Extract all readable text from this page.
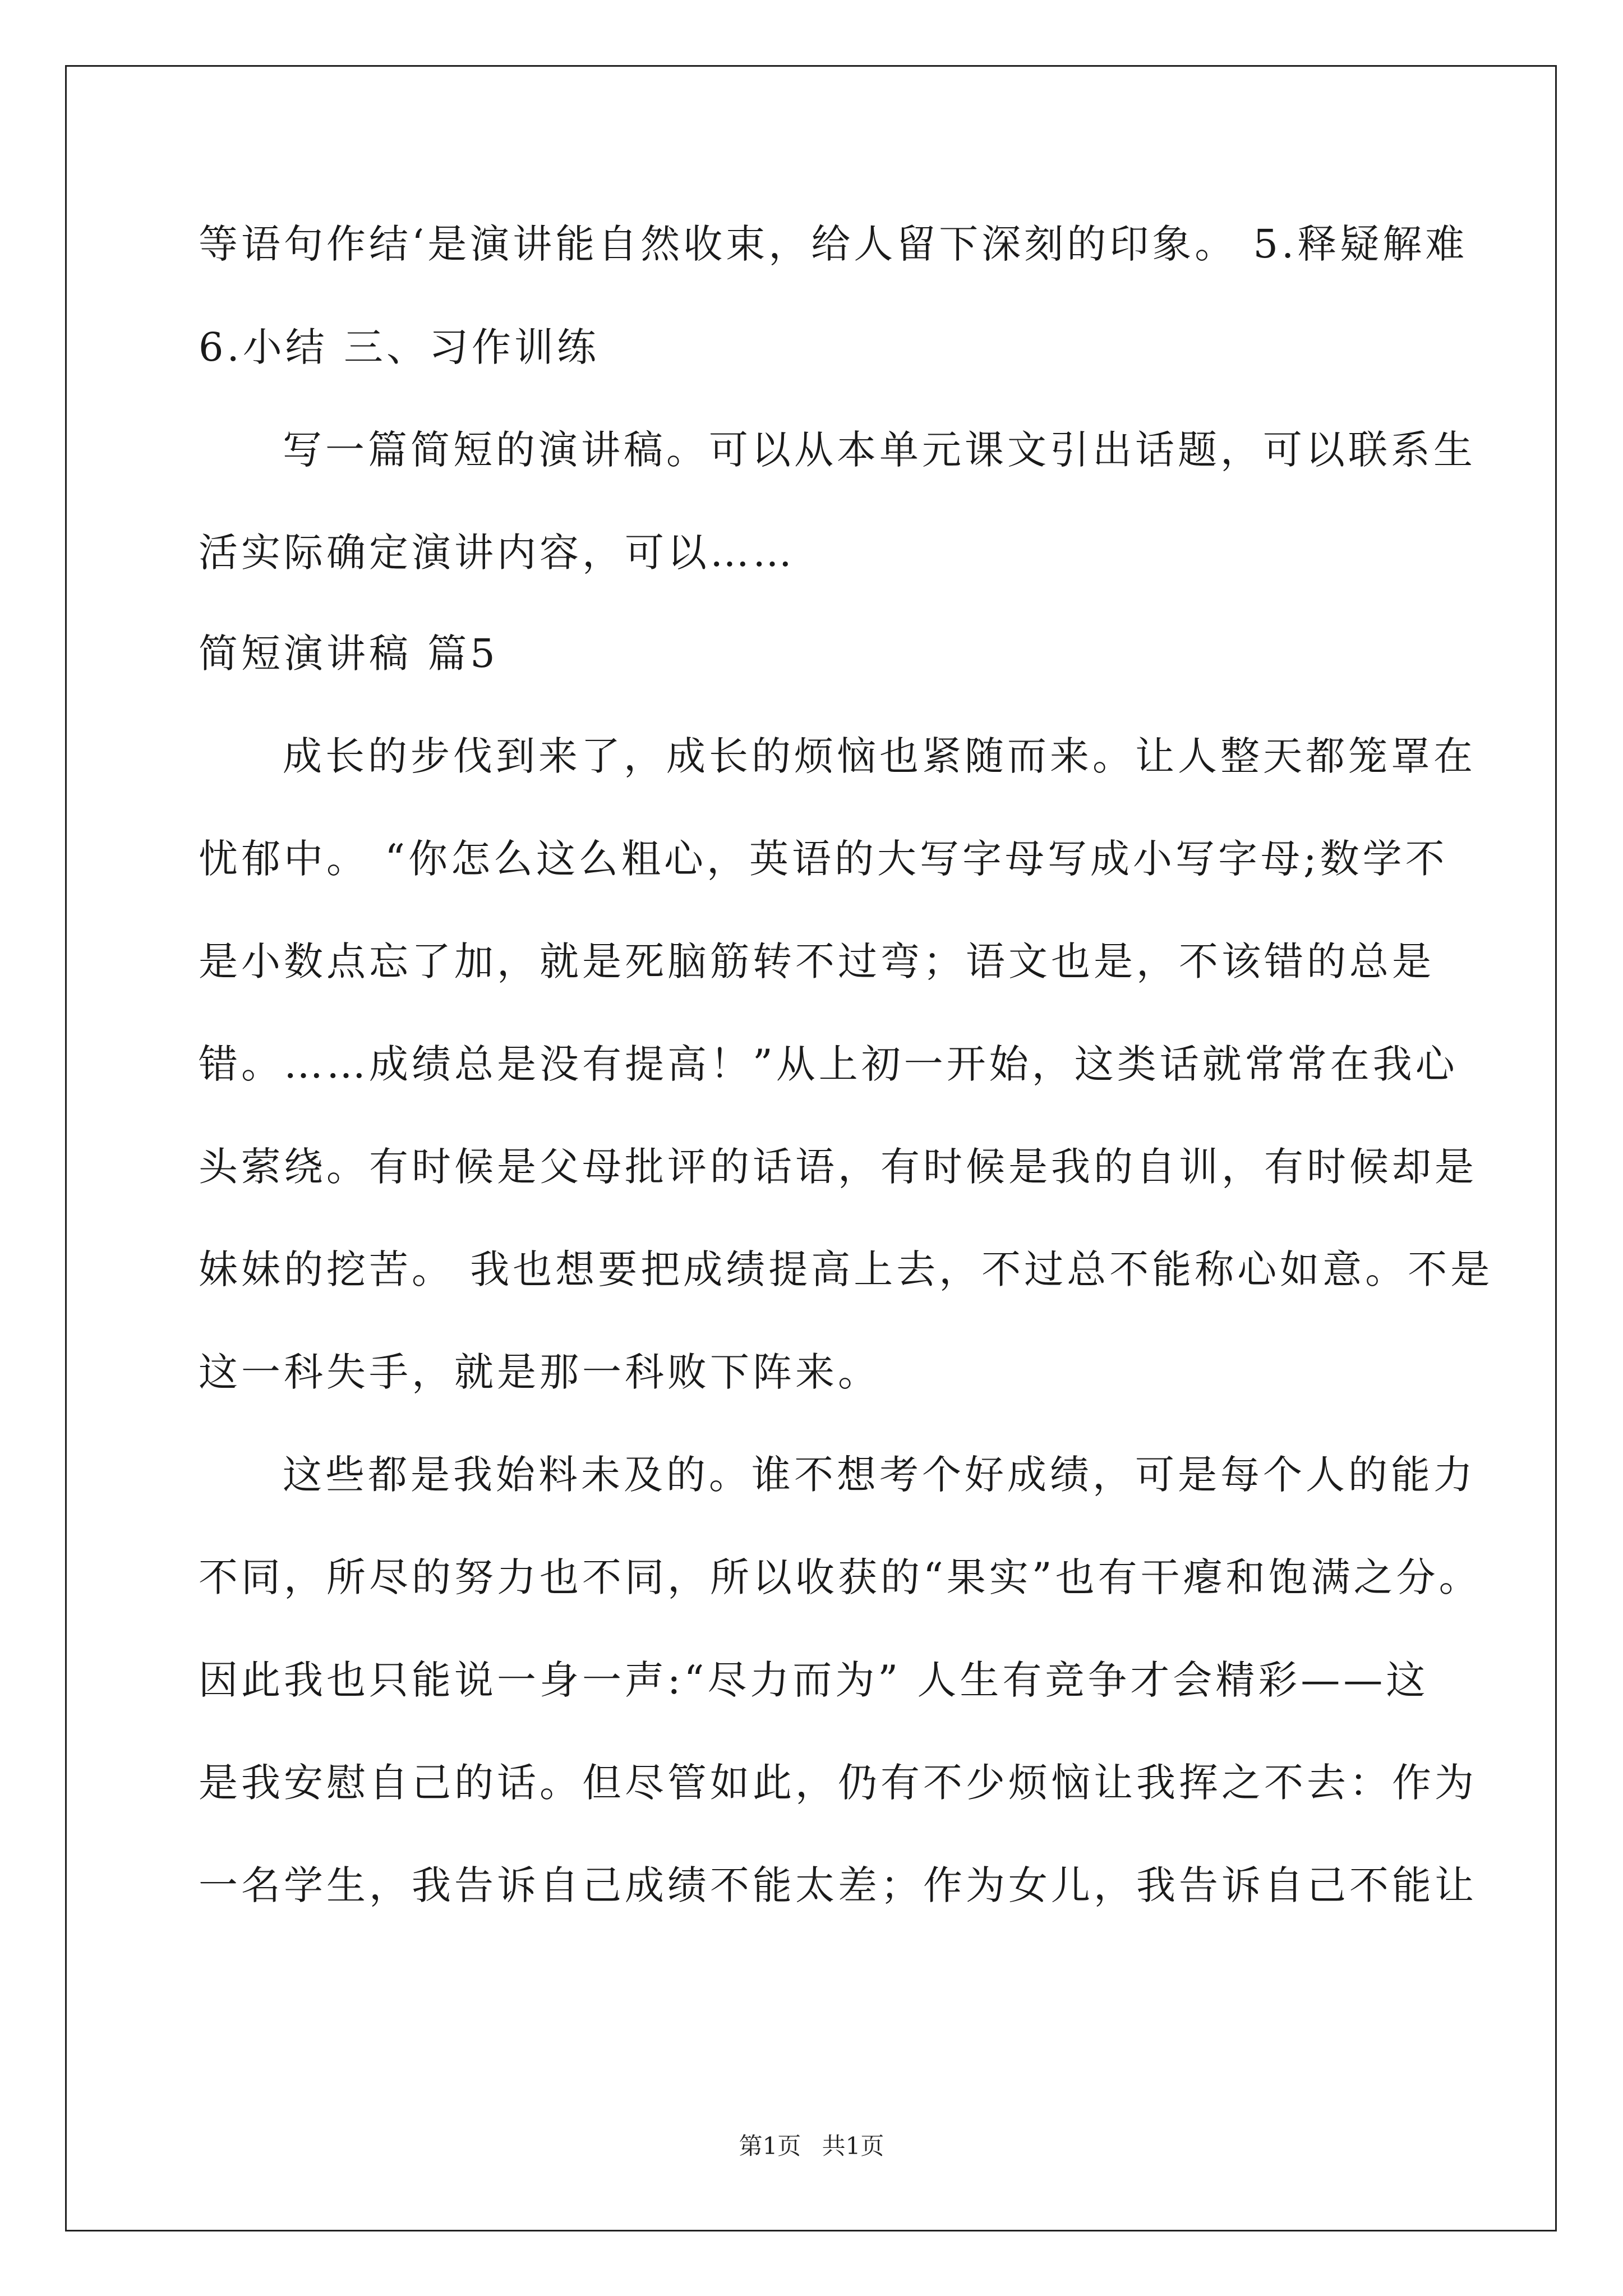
等语句作结‘是演讲能自然收束，给人留下深刻的印象。 5.释疑解难
6.小结 三、习作训练
写一篇简短的演讲稿。可以从本单元课文引出话题，可以联系生
活实际确定演讲内容，可以……
简短演讲稿 篇5
成长的步伐到来了，成长的烦恼也紧随而来。让人整天都笼罩在
忧郁中。 “你怎么这么粗心，英语的大写字母写成小写字母;数学不
是小数点忘了加，就是死脑筋转不过弯；语文也是，不该错的总是
错。……成绩总是没有提高！”从上初一开始，这类话就常常在我心
头萦绕。有时候是父母批评的话语，有时候是我的自训，有时候却是
妹妹的挖苦。 我也想要把成绩提高上去，不过总不能称心如意。不是
这一科失手，就是那一科败下阵来。
这些都是我始料未及的。谁不想考个好成绩，可是每个人的能力
不同，所尽的努力也不同，所以收获的“果实”也有干瘪和饱满之分。
因此我也只能说一身一声:“尽力而为” 人生有竞争才会精彩——这
是我安慰自己的话。但尽管如此，仍有不少烦恼让我挥之不去：作为
一名学生，我告诉自己成绩不能太差；作为女儿，我告诉自己不能让
第1页 共1页
